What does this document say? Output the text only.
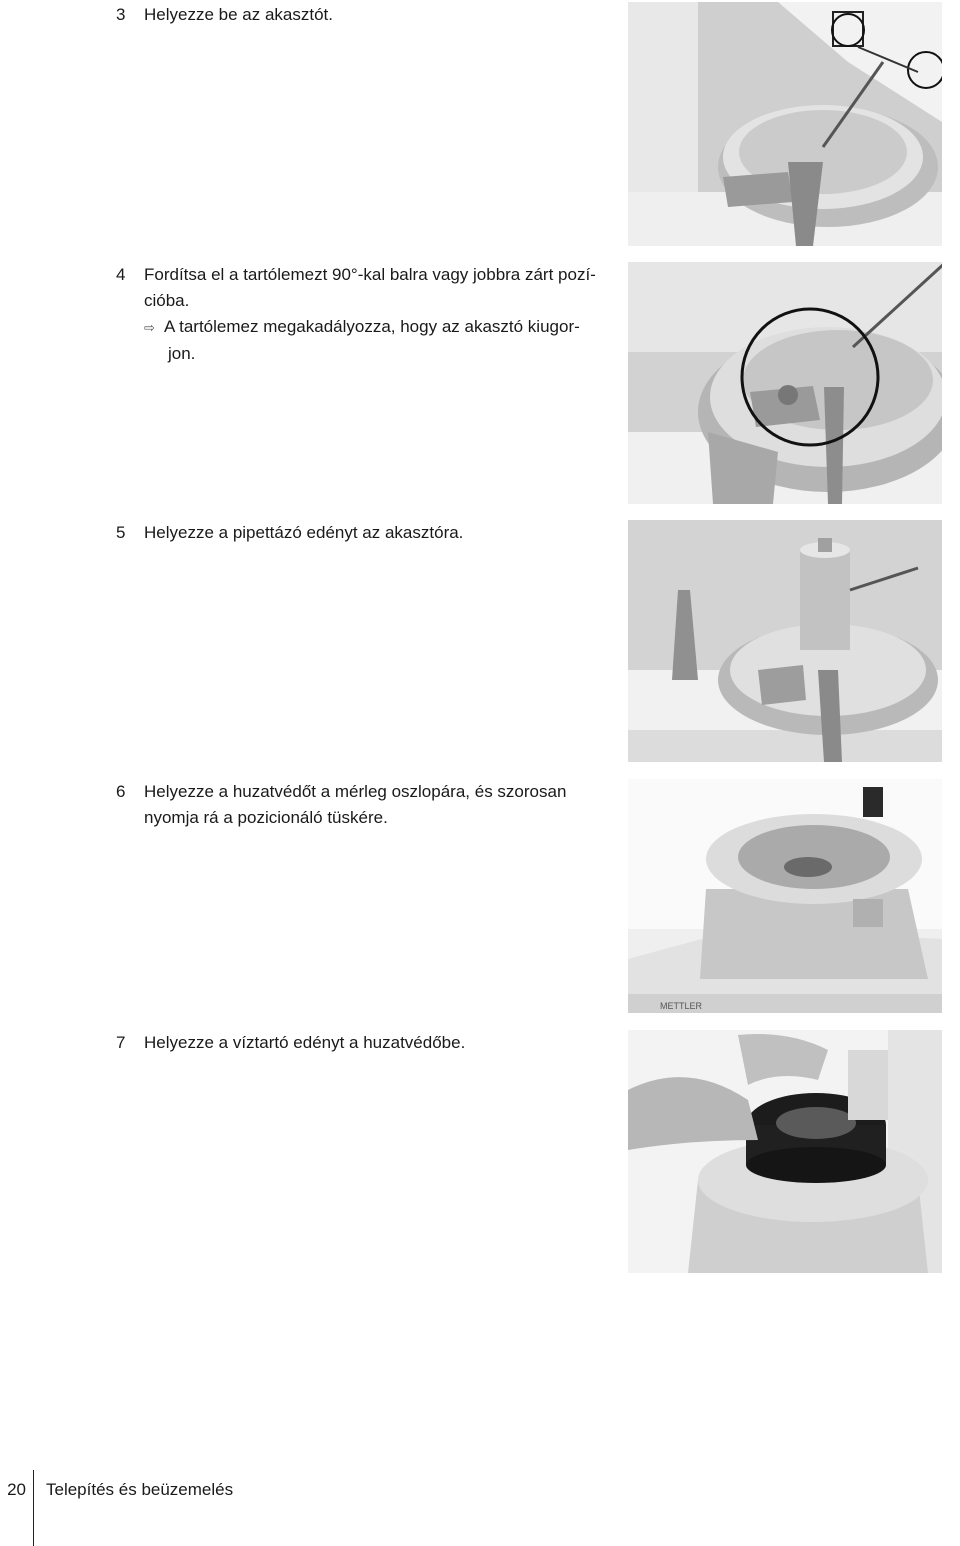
3 Helyezze be az akasztót.
4 Fordítsa el a tartólemezt 90°-kal balra vagy jobbra zárt pozí-
cióba.
⇨ A tartólemez megakadályozza, hogy az akasztó kiugor-
jon.
5 Helyezze a pipettázó edényt az akasztóra.
6 Helyezze a huzatvédőt a mérleg oszlopára, és szorosan
nyomja rá a pozicionáló tüskére.
7 Helyezze a víztartó edényt a huzatvédőbe.
METTLER
20 Telepítés és beüzemelés
